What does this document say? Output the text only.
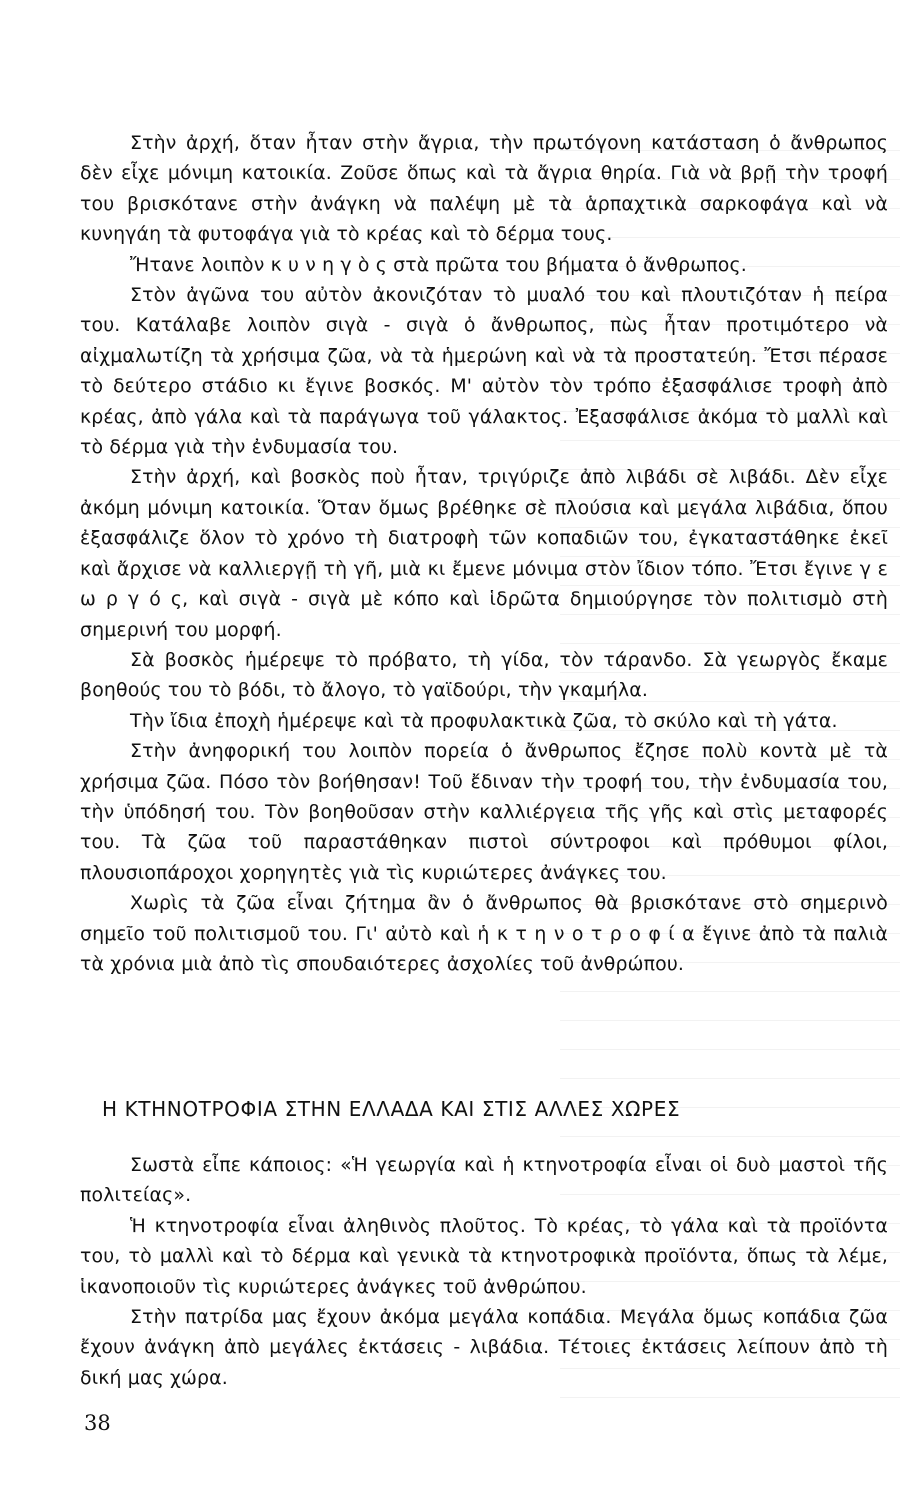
Στὴν ἀρχή, ὅταν ἦταν στὴν ἄγρια, τὴν πρωτόγονη κατάσταση ὁ ἄνθρωπος δὲν εἶχε μόνιμη κατοικία. Ζοῦσε ὅπως καὶ τὰ ἄγρια θηρία. Γιὰ νὰ βρῇ τὴν τροφή του βρισκότανε στὴν ἀνάγκη νὰ παλέψη μὲ τὰ ἁρπαχτικὰ σαρκοφάγα καὶ νὰ κυνηγάη τὰ φυτοφάγα γιὰ τὸ κρέας καὶ τὸ δέρμα τους.

Ἤτανε λοιπὸν κ υ ν η γ ὸ ς στὰ πρῶτα του βήματα ὁ ἄνθρωπος.

Στὸν ἀγῶνα του αὐτὸν ἀκονιζόταν τὸ μυαλό του καὶ πλουτιζόταν ἡ πείρα του. Κατάλαβε λοιπὸν σιγὰ - σιγὰ ὁ ἄνθρωπος, πὼς ἦταν προτιμότερο νὰ αἰχμαλωτίζη τὰ χρήσιμα ζῶα, νὰ τὰ ἡμερώνη καὶ νὰ τὰ προστατεύη. Ἔτσι πέρασε τὸ δεύτερο στάδιο κι ἔγινε βοσκός. Μ' αὐτὸν τὸν τρόπο ἐξασφάλισε τροφὴ ἀπὸ κρέας, ἀπὸ γάλα καὶ τὰ παράγωγα τοῦ γάλακτος. Ἐξασφάλισε ἀκόμα τὸ μαλλὶ καὶ τὸ δέρμα γιὰ τὴν ἐνδυμασία του.

Στὴν ἀρχή, καὶ βοσκὸς ποὺ ἦταν, τριγύριζε ἀπὸ λιβάδι σὲ λιβάδι. Δὲν εἶχε ἀκόμη μόνιμη κατοικία. Ὅταν ὅμως βρέθηκε σὲ πλούσια καὶ μεγάλα λιβάδια, ὅπου ἐξασφάλιζε ὅλον τὸ χρόνο τὴ διατροφὴ τῶν κοπαδιῶν του, ἐγκαταστάθηκε ἐκεῖ καὶ ἄρχισε νὰ καλλιεργῇ τὴ γῆ, μιὰ κι ἔμενε μόνιμα στὸν ἴδιον τόπο. Ἔτσι ἔγινε γ ε ω ρ γ ό ς, καὶ σιγὰ - σιγὰ μὲ κόπο καὶ ἱδρῶτα δημιούργησε τὸν πολιτισμὸ στὴ σημερινή του μορφή.

Σὰ βοσκὸς ἡμέρεψε τὸ πρόβατο, τὴ γίδα, τὸν τάρανδο. Σὰ γεωργὸς ἔκαμε βοηθούς του τὸ βόδι, τὸ ἄλογο, τὸ γαϊδούρι, τὴν γκαμήλα.

Τὴν ἴδια ἐποχὴ ἡμέρεψε καὶ τὰ προφυλακτικὰ ζῶα, τὸ σκύλο καὶ τὴ γάτα.

Στὴν ἀνηφορική του λοιπὸν πορεία ὁ ἄνθρωπος ἔζησε πολὺ κοντὰ μὲ τὰ χρήσιμα ζῶα. Πόσο τὸν βοήθησαν! Τοῦ ἔδιναν τὴν τροφή του, τὴν ἐνδυμασία του, τὴν ὑπόδησή του. Τὸν βοηθοῦσαν στὴν καλλιέργεια τῆς γῆς καὶ στὶς μεταφορές του. Τὰ ζῶα τοῦ παραστάθηκαν πιστοὶ σύντροφοι καὶ πρόθυμοι φίλοι, πλουσιοπάροχοι χορηγητὲς γιὰ τὶς κυριώτερες ἀνάγκες του.

Χωρὶς τὰ ζῶα εἶναι ζήτημα ἂν ὁ ἄνθρωπος θὰ βρισκότανε στὸ σημερινὸ σημεῖο τοῦ πολιτισμοῦ του. Γι' αὐτὸ καὶ ἡ κ τ η ν ο τ ρ ο φ ί α ἔγινε ἀπὸ τὰ παλιὰ τὰ χρόνια μιὰ ἀπὸ τὶς σπουδαιότερες ἀσχολίες τοῦ ἀνθρώπου.

Η ΚΤΗΝΟΤΡΟΦΙΑ ΣΤΗΝ ΕΛΛΑΔΑ ΚΑΙ ΣΤΙΣ ΑΛΛΕΣ ΧΩΡΕΣ

Σωστὰ εἶπε κάποιος: «Ἡ γεωργία καὶ ἡ κτηνοτροφία εἶναι οἱ δυὸ μαστοὶ τῆς πολιτείας».

Ἡ κτηνοτροφία εἶναι ἀληθινὸς πλοῦτος. Τὸ κρέας, τὸ γάλα καὶ τὰ προϊόντα του, τὸ μαλλὶ καὶ τὸ δέρμα καὶ γενικὰ τὰ κτηνοτροφικὰ προϊόντα, ὅπως τὰ λέμε, ἱκανοποιοῦν τὶς κυριώτερες ἀνάγκες τοῦ ἀνθρώπου.

Στὴν πατρίδα μας ἔχουν ἀκόμα μεγάλα κοπάδια. Μεγάλα ὅμως κοπάδια ζῶα ἔχουν ἀνάγκη ἀπὸ μεγάλες ἐκτάσεις - λιβάδια. Τέτοιες ἐκτάσεις λείπουν ἀπὸ τὴ δική μας χώρα.

38
